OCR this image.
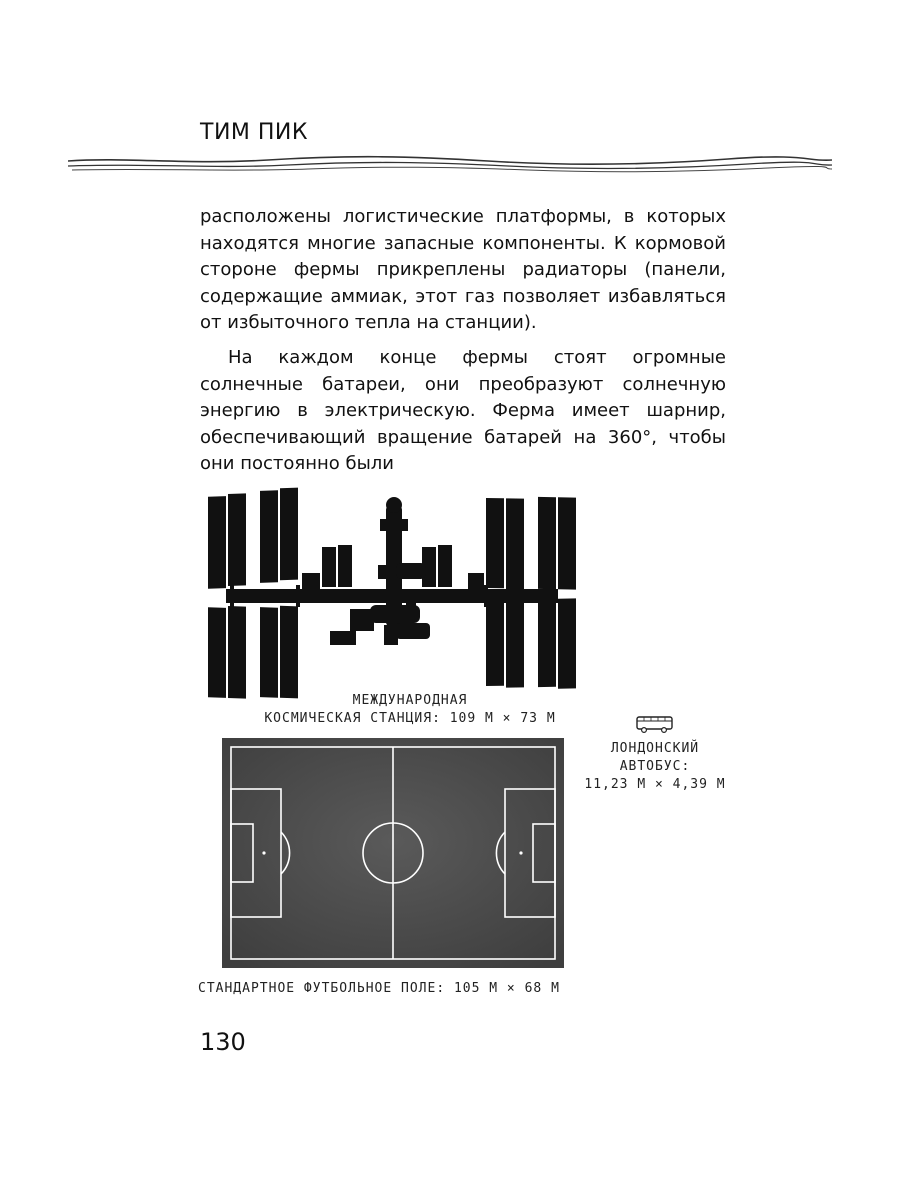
ТИМ ПИК

расположены логистические платформы, в которых находятся многие запасные компоненты. К кормовой стороне фермы прикреплены радиаторы (панели, содержащие аммиак, этот газ позволяет избавляться от избыточного тепла на станции).

На каждом конце фермы стоят огромные солнечные батареи, они преобразуют солнечную энергию в электрическую. Ферма имеет шарнир, обеспечивающий вращение батарей на 360°, чтобы они постоянно были

МЕЖДУНАРОДНАЯ
КОСМИЧЕСКАЯ СТАНЦИЯ: 109 М × 73 М
ЛОНДОНСКИЙ
АВТОБУС:
11,23 М × 4,39 М
СТАНДАРТНОЕ ФУТБОЛЬНОЕ ПОЛЕ: 105 М × 68 М
130
